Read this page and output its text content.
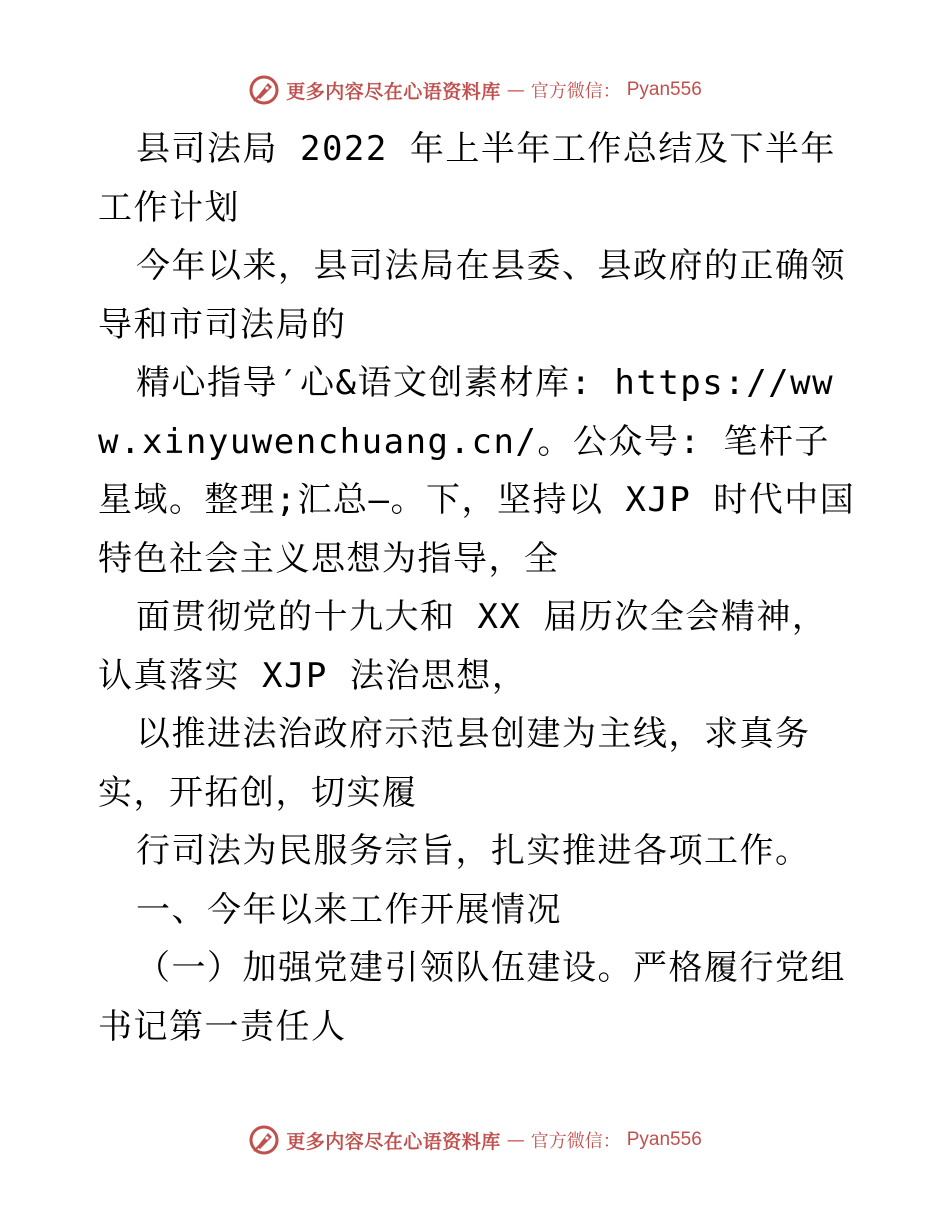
更多内容尽在心语资料库 — 官方微信： Pyan556

县司法局 2022 年上半年工作总结及下半年工作计划

今年以来，县司法局在县委、县政府的正确领导和市司法局的

精心指导′心&语文创素材库: https://www.xinyuwenchuang.cn/。公众号: 笔杆子星域。整理;汇总—。下，坚持以 XJP 时代中国特色社会主义思想为指导，全

面贯彻党的十九大和 XX 届历次全会精神，认真落实 XJP 法治思想，

以推进法治政府示范县创建为主线，求真务实，开拓创，切实履

行司法为民服务宗旨，扎实推进各项工作。

一、今年以来工作开展情况

（一）加强党建引领队伍建设。严格履行党组书记第一责任人

更多内容尽在心语资料库 — 官方微信： Pyan556
